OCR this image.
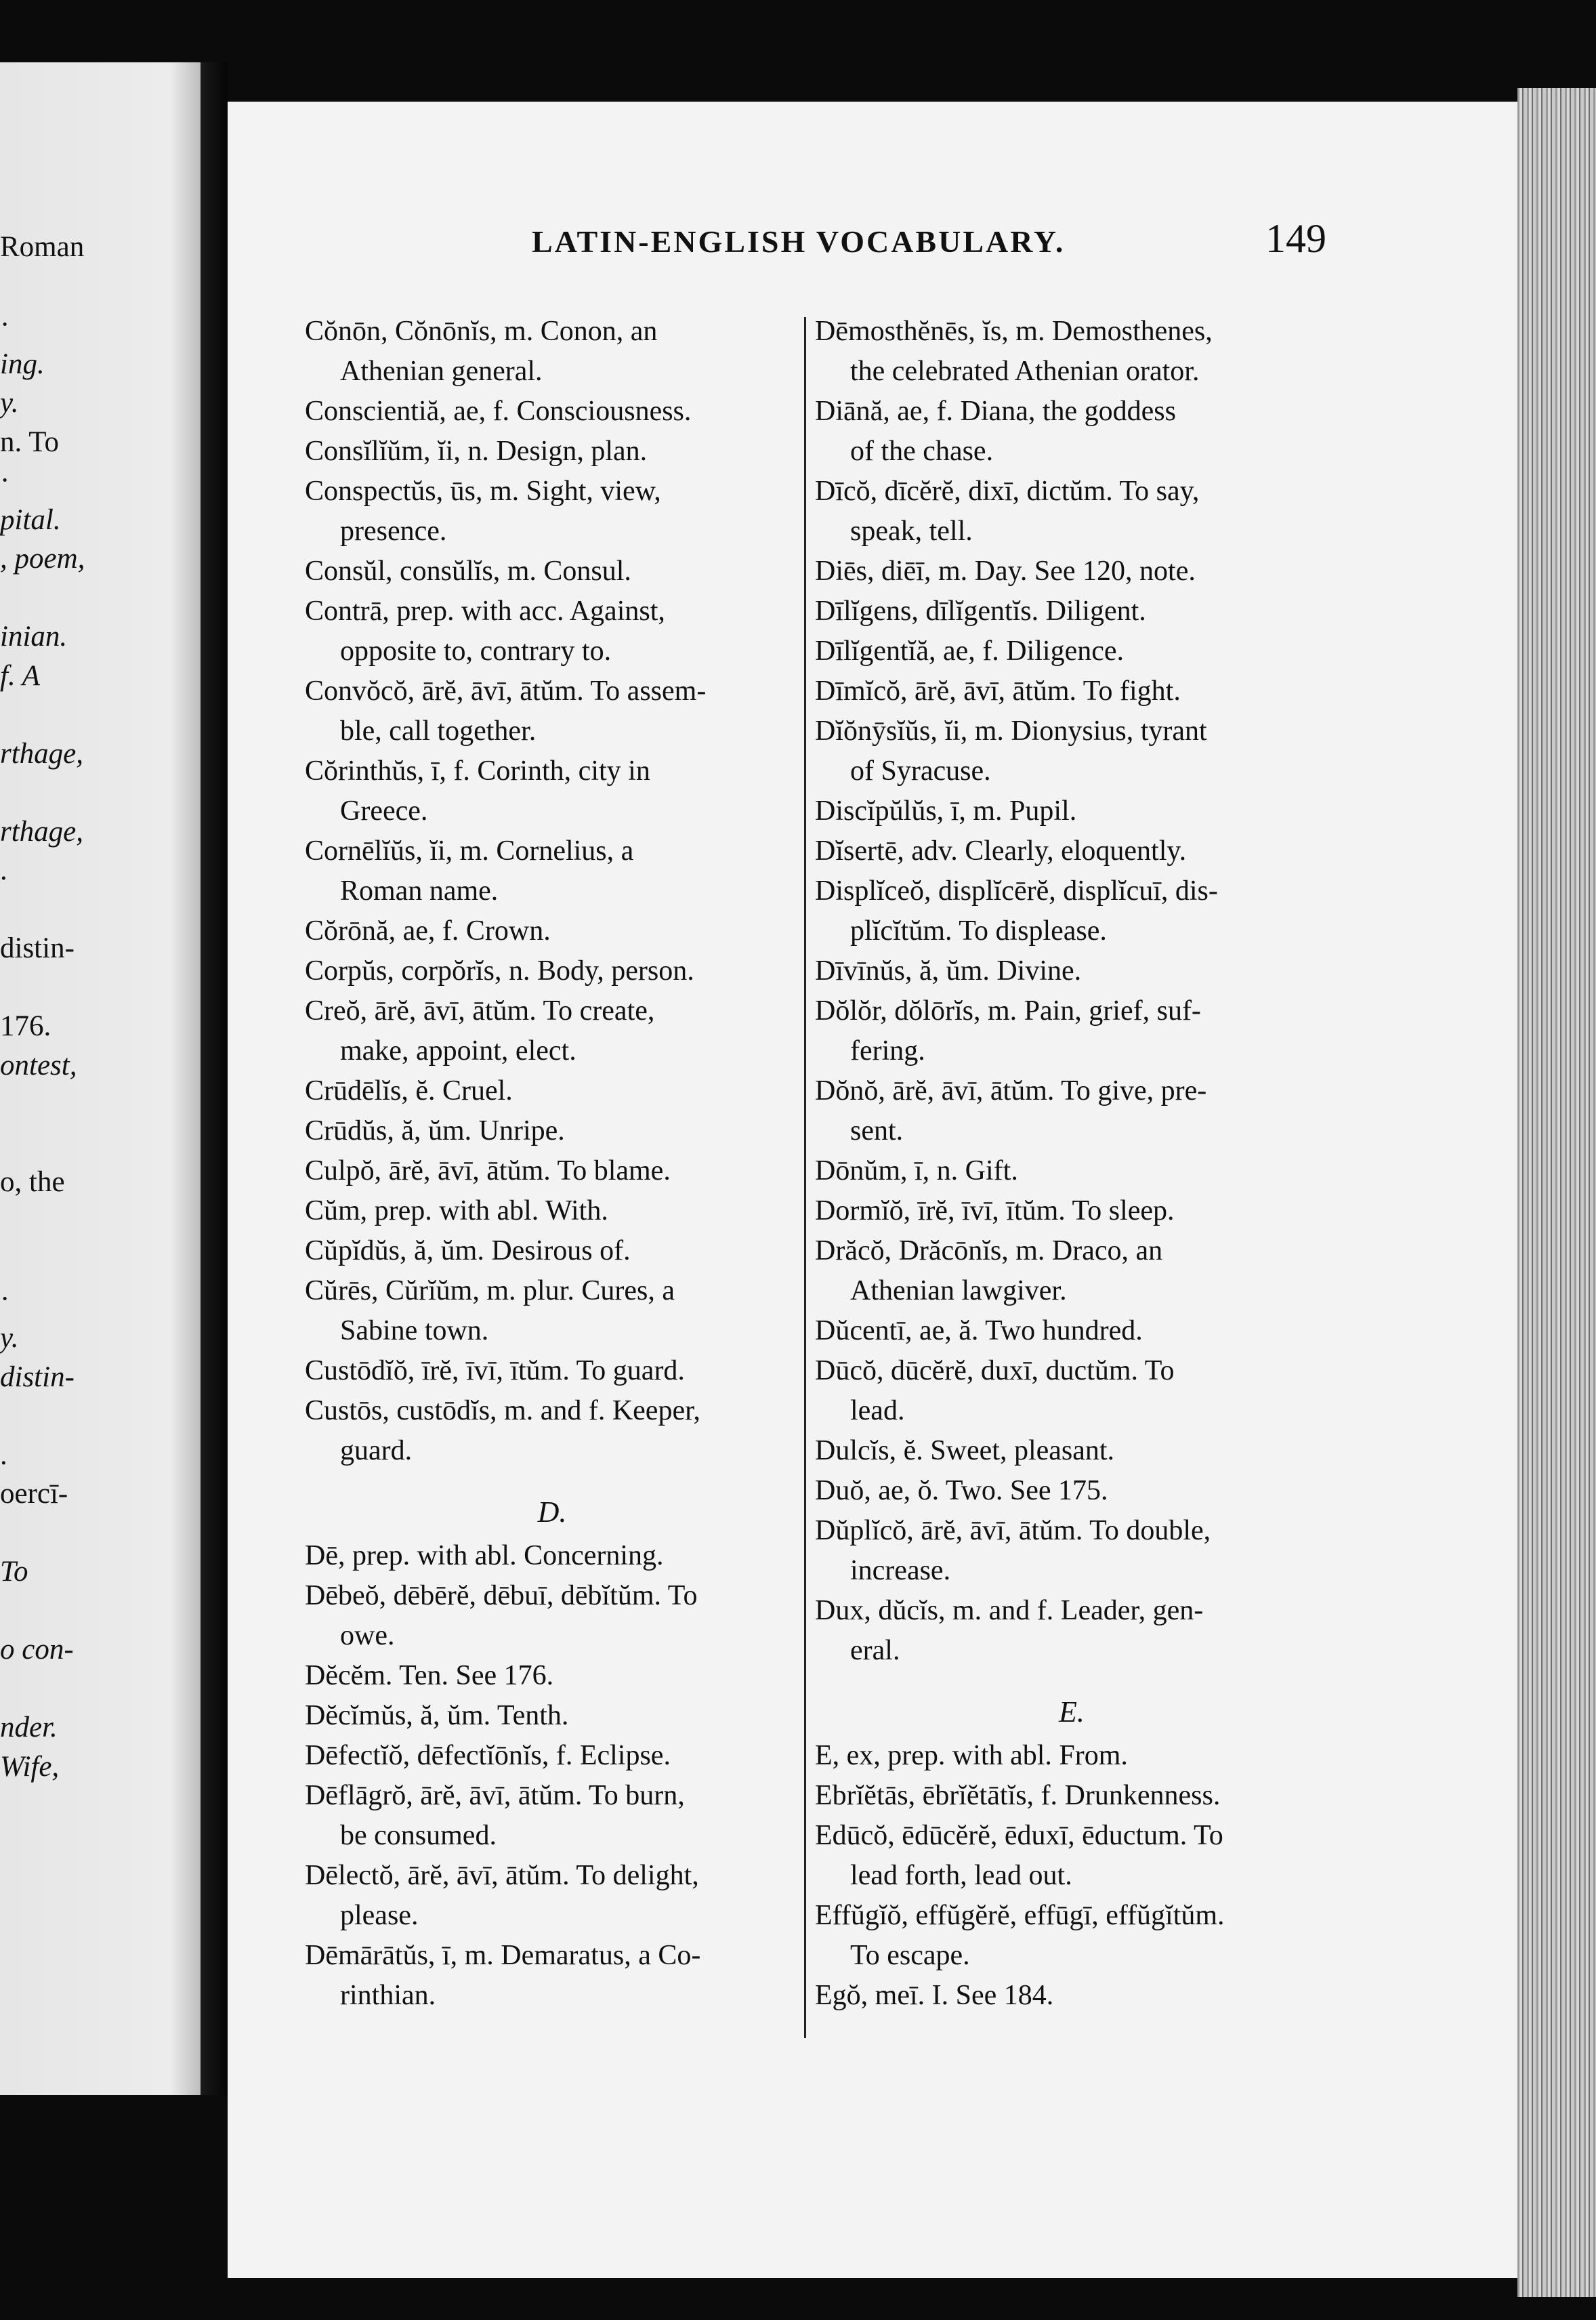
Roman
·
ing.
y.
n. To
·
pital.
, poem,
inian.
f. A
rthage,
rthage,
.
distin-
176.
ontest,
o, the
·
y.
distin-
.
oercī-
To
o con-
nder.
Wife,
LATIN-ENGLISH VOCABULARY.	149
Cŏnōn, Cŏnōnĭs, m. Conon, an
Athenian general.
Conscientiă, ae, f. Consciousness.
Consĭlĭŭm, ĭi, n. Design, plan.
Conspectŭs, ūs, m. Sight, view,
presence.
Consŭl, consŭlĭs, m. Consul.
Contrā, prep. with acc. Against,
opposite to, contrary to.
Convŏcŏ, ārĕ, āvī, ātŭm. To assem-
ble, call together.
Cŏrinthŭs, ī, f. Corinth, city in
Greece.
Cornēlĭŭs, ĭi, m. Cornelius, a
Roman name.
Cŏrōnă, ae, f. Crown.
Corpŭs, corpŏrĭs, n. Body, person.
Creŏ, ārĕ, āvī, ātŭm. To create,
make, appoint, elect.
Crūdēlĭs, ĕ. Cruel.
Crūdŭs, ă, ŭm. Unripe.
Culpŏ, ārĕ, āvī, ātŭm. To blame.
Cŭm, prep. with abl. With.
Cŭpĭdŭs, ă, ŭm. Desirous of.
Cŭrēs, Cŭrĭŭm, m. plur. Cures, a
Sabine town.
Custōdĭŏ, īrĕ, īvī, ītŭm. To guard.
Custōs, custōdĭs, m. and f. Keeper,
guard.
D.
Dē, prep. with abl. Concerning.
Dēbeŏ, dēbērĕ, dēbuī, dēbĭtŭm. To
owe.
Dĕcĕm. Ten. See 176.
Dĕcĭmŭs, ă, ŭm. Tenth.
Dēfectĭŏ, dēfectĭōnĭs, f. Eclipse.
Dēflāgrŏ, ārĕ, āvī, ātŭm. To burn,
be consumed.
Dēlectŏ, ārĕ, āvī, ātŭm. To delight,
please.
Dēmārātŭs, ī, m. Demaratus, a Co-
rinthian.
Dēmosthĕnēs, ĭs, m. Demosthenes,
the celebrated Athenian orator.
Diānă, ae, f. Diana, the goddess
of the chase.
Dīcŏ, dīcĕrĕ, dixī, dictŭm. To say,
speak, tell.
Diēs, diēī, m. Day. See 120, note.
Dīlĭgens, dīlĭgentĭs. Diligent.
Dīlĭgentĭă, ae, f. Diligence.
Dīmĭcŏ, ārĕ, āvī, ātŭm. To fight.
Dĭŏnȳsĭŭs, ĭi, m. Dionysius, tyrant
of Syracuse.
Discĭpŭlŭs, ī, m. Pupil.
Dĭsertē, adv. Clearly, eloquently.
Displĭceŏ, displĭcērĕ, displĭcuī, dis-
plĭcĭtŭm. To displease.
Dīvīnŭs, ă, ŭm. Divine.
Dŏlŏr, dŏlōrĭs, m. Pain, grief, suf-
fering.
Dŏnŏ, ārĕ, āvī, ātŭm. To give, pre-
sent.
Dōnŭm, ī, n. Gift.
Dormĭŏ, īrĕ, īvī, ītŭm. To sleep.
Drăcŏ, Drăcōnĭs, m. Draco, an
Athenian lawgiver.
Dŭcentī, ae, ă. Two hundred.
Dūcŏ, dūcĕrĕ, duxī, ductŭm. To
lead.
Dulcĭs, ĕ. Sweet, pleasant.
Duŏ, ae, ŏ. Two. See 175.
Dŭplĭcŏ, ārĕ, āvī, ātŭm. To double,
increase.
Dux, dŭcĭs, m. and f. Leader, gen-
eral.
E.
E, ex, prep. with abl. From.
Ebrĭĕtās, ēbrĭĕtātĭs, f. Drunkenness.
Edūcŏ, ēdūcĕrĕ, ēduxī, ēductum. To
lead forth, lead out.
Effŭgĭŏ, effŭgĕrĕ, effūgī, effŭgĭtŭm.
To escape.
Egŏ, meī. I. See 184.
